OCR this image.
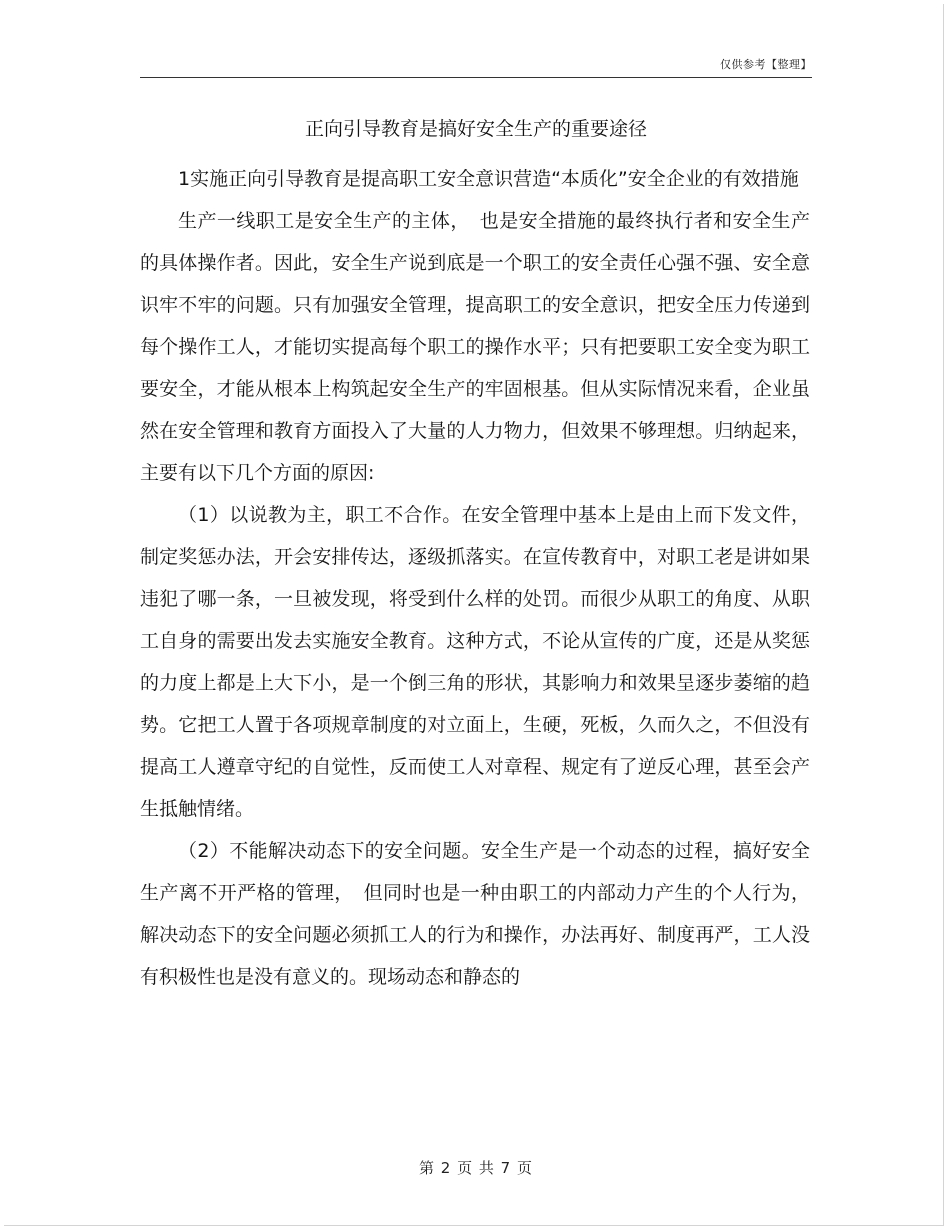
仅供参考【整理】
正向引导教育是搞好安全生产的重要途径

1实施正向引导教育是提高职工安全意识营造“本质化”安全企业的有效措施

生产一线职工是安全生产的主体，　也是安全措施的最终执行者和安全生产的具体操作者。因此，安全生产说到底是一个职工的安全责任心强不强、安全意识牢不牢的问题。只有加强安全管理，提高职工的安全意识，把安全压力传递到每个操作工人，才能切实提高每个职工的操作水平；只有把要职工安全变为职工要安全，才能从根本上构筑起安全生产的牢固根基。但从实际情况来看，企业虽然在安全管理和教育方面投入了大量的人力物力，但效果不够理想。归纳起来，主要有以下几个方面的原因:

（1）以说教为主，职工不合作。在安全管理中基本上是由上而下发文件，制定奖惩办法，开会安排传达，逐级抓落实。在宣传教育中，对职工老是讲如果违犯了哪一条，一旦被发现，将受到什么样的处罚。而很少从职工的角度、从职工自身的需要出发去实施安全教育。这种方式，不论从宣传的广度，还是从奖惩的力度上都是上大下小，是一个倒三角的形状，其影响力和效果呈逐步萎缩的趋势。它把工人置于各项规章制度的对立面上，生硬，死板，久而久之，不但没有提高工人遵章守纪的自觉性，反而使工人对章程、规定有了逆反心理，甚至会产生抵触情绪。

（2）不能解决动态下的安全问题。安全生产是一个动态的过程，搞好安全生产离不开严格的管理，　但同时也是一种由职工的内部动力产生的个人行为，解决动态下的安全问题必须抓工人的行为和操作，办法再好、制度再严，工人没有积极性也是没有意义的。现场动态和静态的

第 2 页 共 7 页
